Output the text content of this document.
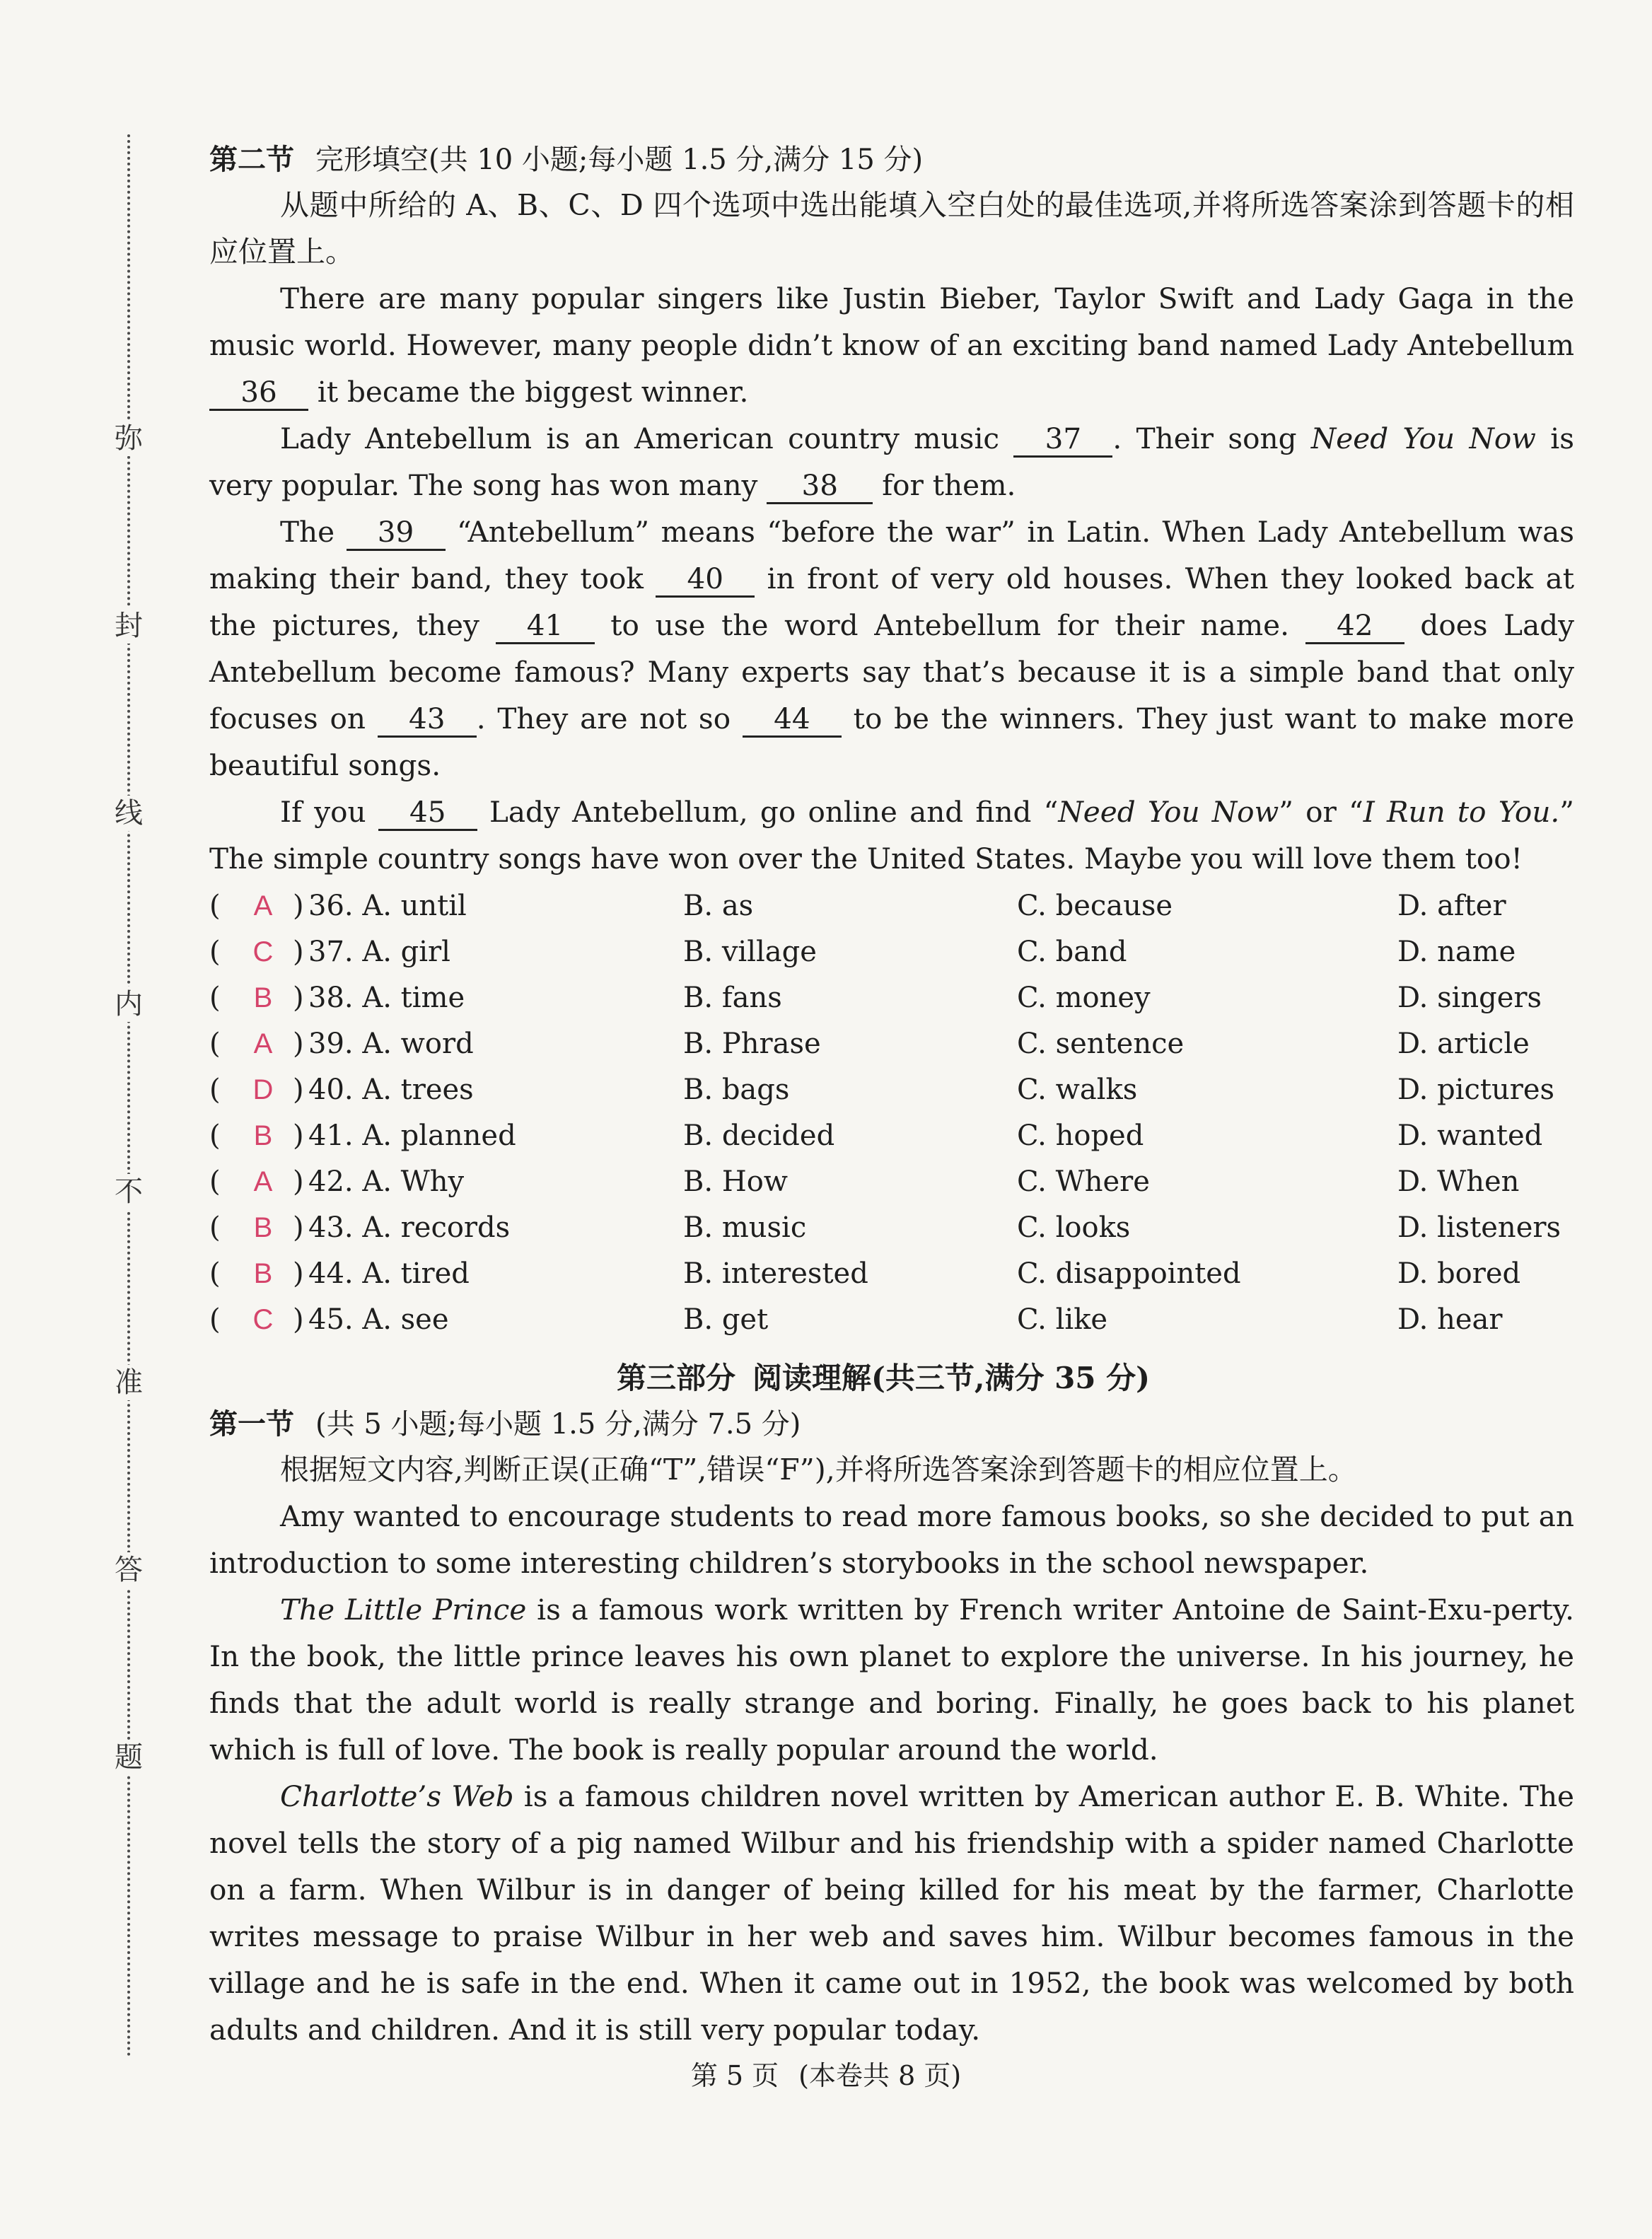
弥
封
线
内
不
准
答
题
第二节 完形填空(共 10 小题;每小题 1.5 分,满分 15 分)

从题中所给的 A、B、C、D 四个选项中选出能填入空白处的最佳选项,并将所选答案涂到答题卡的相应位置上。

There are many popular singers like Justin Bieber, Taylor Swift and Lady Gaga in the music world. However, many people didn’t know of an exciting band named Lady Antebellum 36 it became the biggest winner.

Lady Antebellum is an American country music 37 . Their song Need You Now is very popular. The song has won many 38 for them.

The 39 “Antebellum” means “before the war” in Latin. When Lady Antebellum was making their band, they took 40 in front of very old houses. When they looked back at the pictures, they 41 to use the word Antebellum for their name. 42 does Lady Antebellum become famous? Many experts say that’s because it is a simple band that only focuses on 43 . They are not so 44 to be the winners. They just want to make more beautiful songs.

If you 45 Lady Antebellum, go online and find “Need You Now” or “I Run to You.” The simple country songs have won over the United States. Maybe you will love them too!

( A ) 36. A. until	B. as	C. because	D. after
( C ) 37. A. girl	B. village	C. band	D. name
( B ) 38. A. time	B. fans	C. money	D. singers
( A ) 39. A. word	B. Phrase	C. sentence	D. article
( D ) 40. A. trees	B. bags	C. walks	D. pictures
( B ) 41. A. planned	B. decided	C. hoped	D. wanted
( A ) 42. A. Why	B. How	C. Where	D. When
( B ) 43. A. records	B. music	C. looks	D. listeners
( B ) 44. A. tired	B. interested	C. disappointed	D. bored
( C ) 45. A. see	B. get	C. like	D. hear
第三部分 阅读理解(共三节,满分 35 分)
第一节 (共 5 小题;每小题 1.5 分,满分 7.5 分)

根据短文内容,判断正误(正确“T”,错误“F”),并将所选答案涂到答题卡的相应位置上。

Amy wanted to encourage students to read more famous books, so she decided to put an introduction to some interesting children’s storybooks in the school newspaper.

The Little Prince is a famous work written by French writer Antoine de Saint-Exu-perty. In the book, the little prince leaves his own planet to explore the universe. In his journey, he finds that the adult world is really strange and boring. Finally, he goes back to his planet which is full of love. The book is really popular around the world.

Charlotte’s Web is a famous children novel written by American author E. B. White. The novel tells the story of a pig named Wilbur and his friendship with a spider named Charlotte on a farm. When Wilbur is in danger of being killed for his meat by the farmer, Charlotte writes message to praise Wilbur in her web and saves him. Wilbur becomes famous in the village and he is safe in the end. When it came out in 1952, the book was welcomed by both adults and children. And it is still very popular today.

第 5 页 (本卷共 8 页)
